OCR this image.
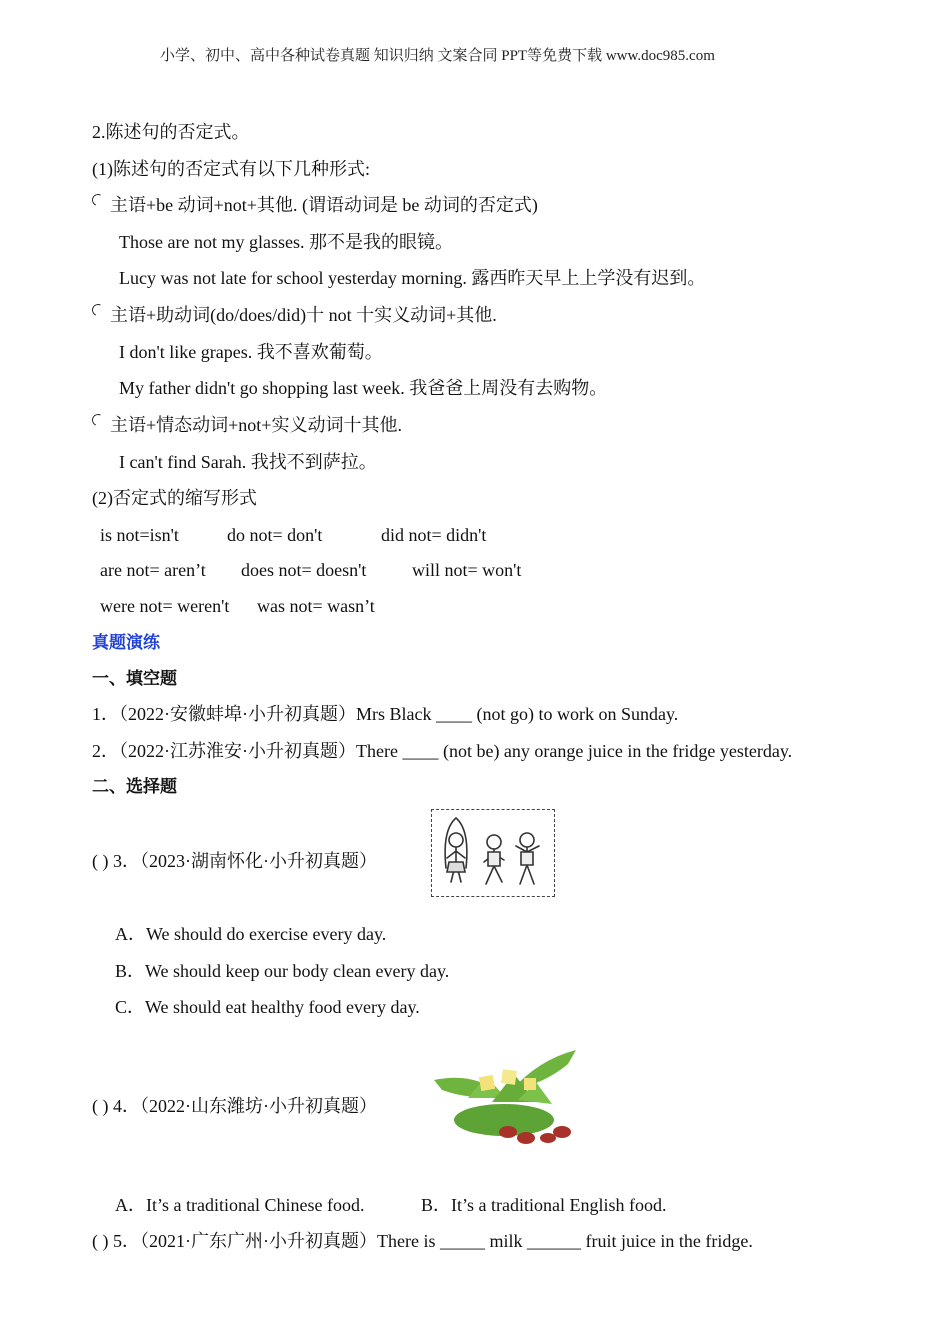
小学、初中、高中各种试卷真题 知识归纳 文案合同 PPT等免费下载 www.doc985.com
2.陈述句的否定式。
(1)陈述句的否定式有以下几种形式:
主语+be 动词+not+其他. (谓语动词是 be 动词的否定式)
Those are not my glasses. 那不是我的眼镜。
Lucy was not late for school yesterday morning. 露西昨天早上上学没有迟到。
主语+助动词(do/does/did)十 not 十实义动词+其他.
I don't like grapes. 我不喜欢葡萄。
My father didn't go shopping last week. 我爸爸上周没有去购物。
主语+情态动词+not+实义动词十其他.
I can't find Sarah. 我找不到萨拉。
(2)否定式的缩写形式
is not=isn't	do not= don't	did not= didn't
are not= aren’t does not= doesn't	will not= won't
were not= weren't was not= wasn’t
真题演练
一、填空题
1．（2022·安徽蚌埠·小升初真题）Mrs Black ____ (not go) to work on Sunday.
2．（2022·江苏淮安·小升初真题）There ____ (not be) any orange juice in the fridge yesterday.
二、选择题
( ) 3．（2023·湖南怀化·小升初真题）
A．We should do exercise every day.
B．We should keep our body clean every day.
C．We should eat healthy food every day.
( ) 4．（2022·山东潍坊·小升初真题）
A．It’s a traditional Chinese food.	B．It’s a traditional English food.
( ) 5．（2021·广东广州·小升初真题）There is _____ milk ______ fruit juice in the fridge.
